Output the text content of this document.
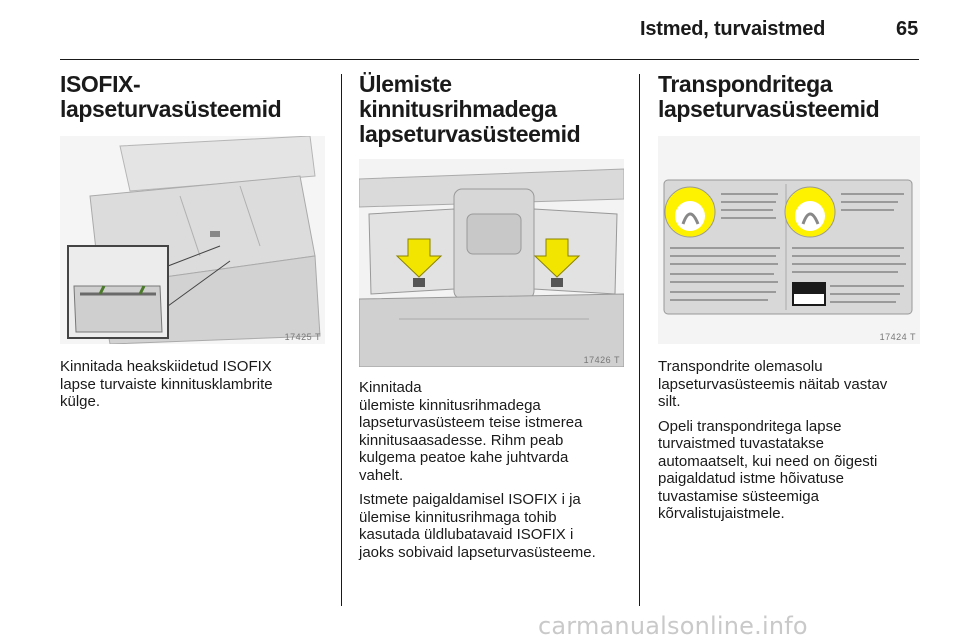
Istmed, turvaistmed	65
ISOFIX-
lapseturvasüsteemid
17425 T

Kinnitada heakskiidetud ISOFIX
lapse turvaiste kinnitusklambrite
külge.

Ülemiste
kinnitusrihmadega
lapseturvasüsteemid
17426 T

Kinnitada
ülemiste kinnitusrihmadega
lapseturvasüsteem teise istmerea
kinnitusaasadesse. Rihm peab
kulgema peatoe kahe juhtvarda
vahelt.

Istmete paigaldamisel ISOFIX i ja
ülemise kinnitusrihmaga tohib
kasutada üldlubatavaid ISOFIX i
jaoks sobivaid lapseturvasüsteeme.

Transpondritega
lapseturvasüsteemid
17424 T

Transpondrite olemasolu
lapseturvasüsteemis näitab vastav
silt.

Opeli transpondritega lapse
turvaistmed tuvastatakse
automaatselt, kui need on õigesti
paigaldatud istme hõivatuse
tuvastamise süsteemiga
kõrvalistujaistmele.

carmanualsonline.info
